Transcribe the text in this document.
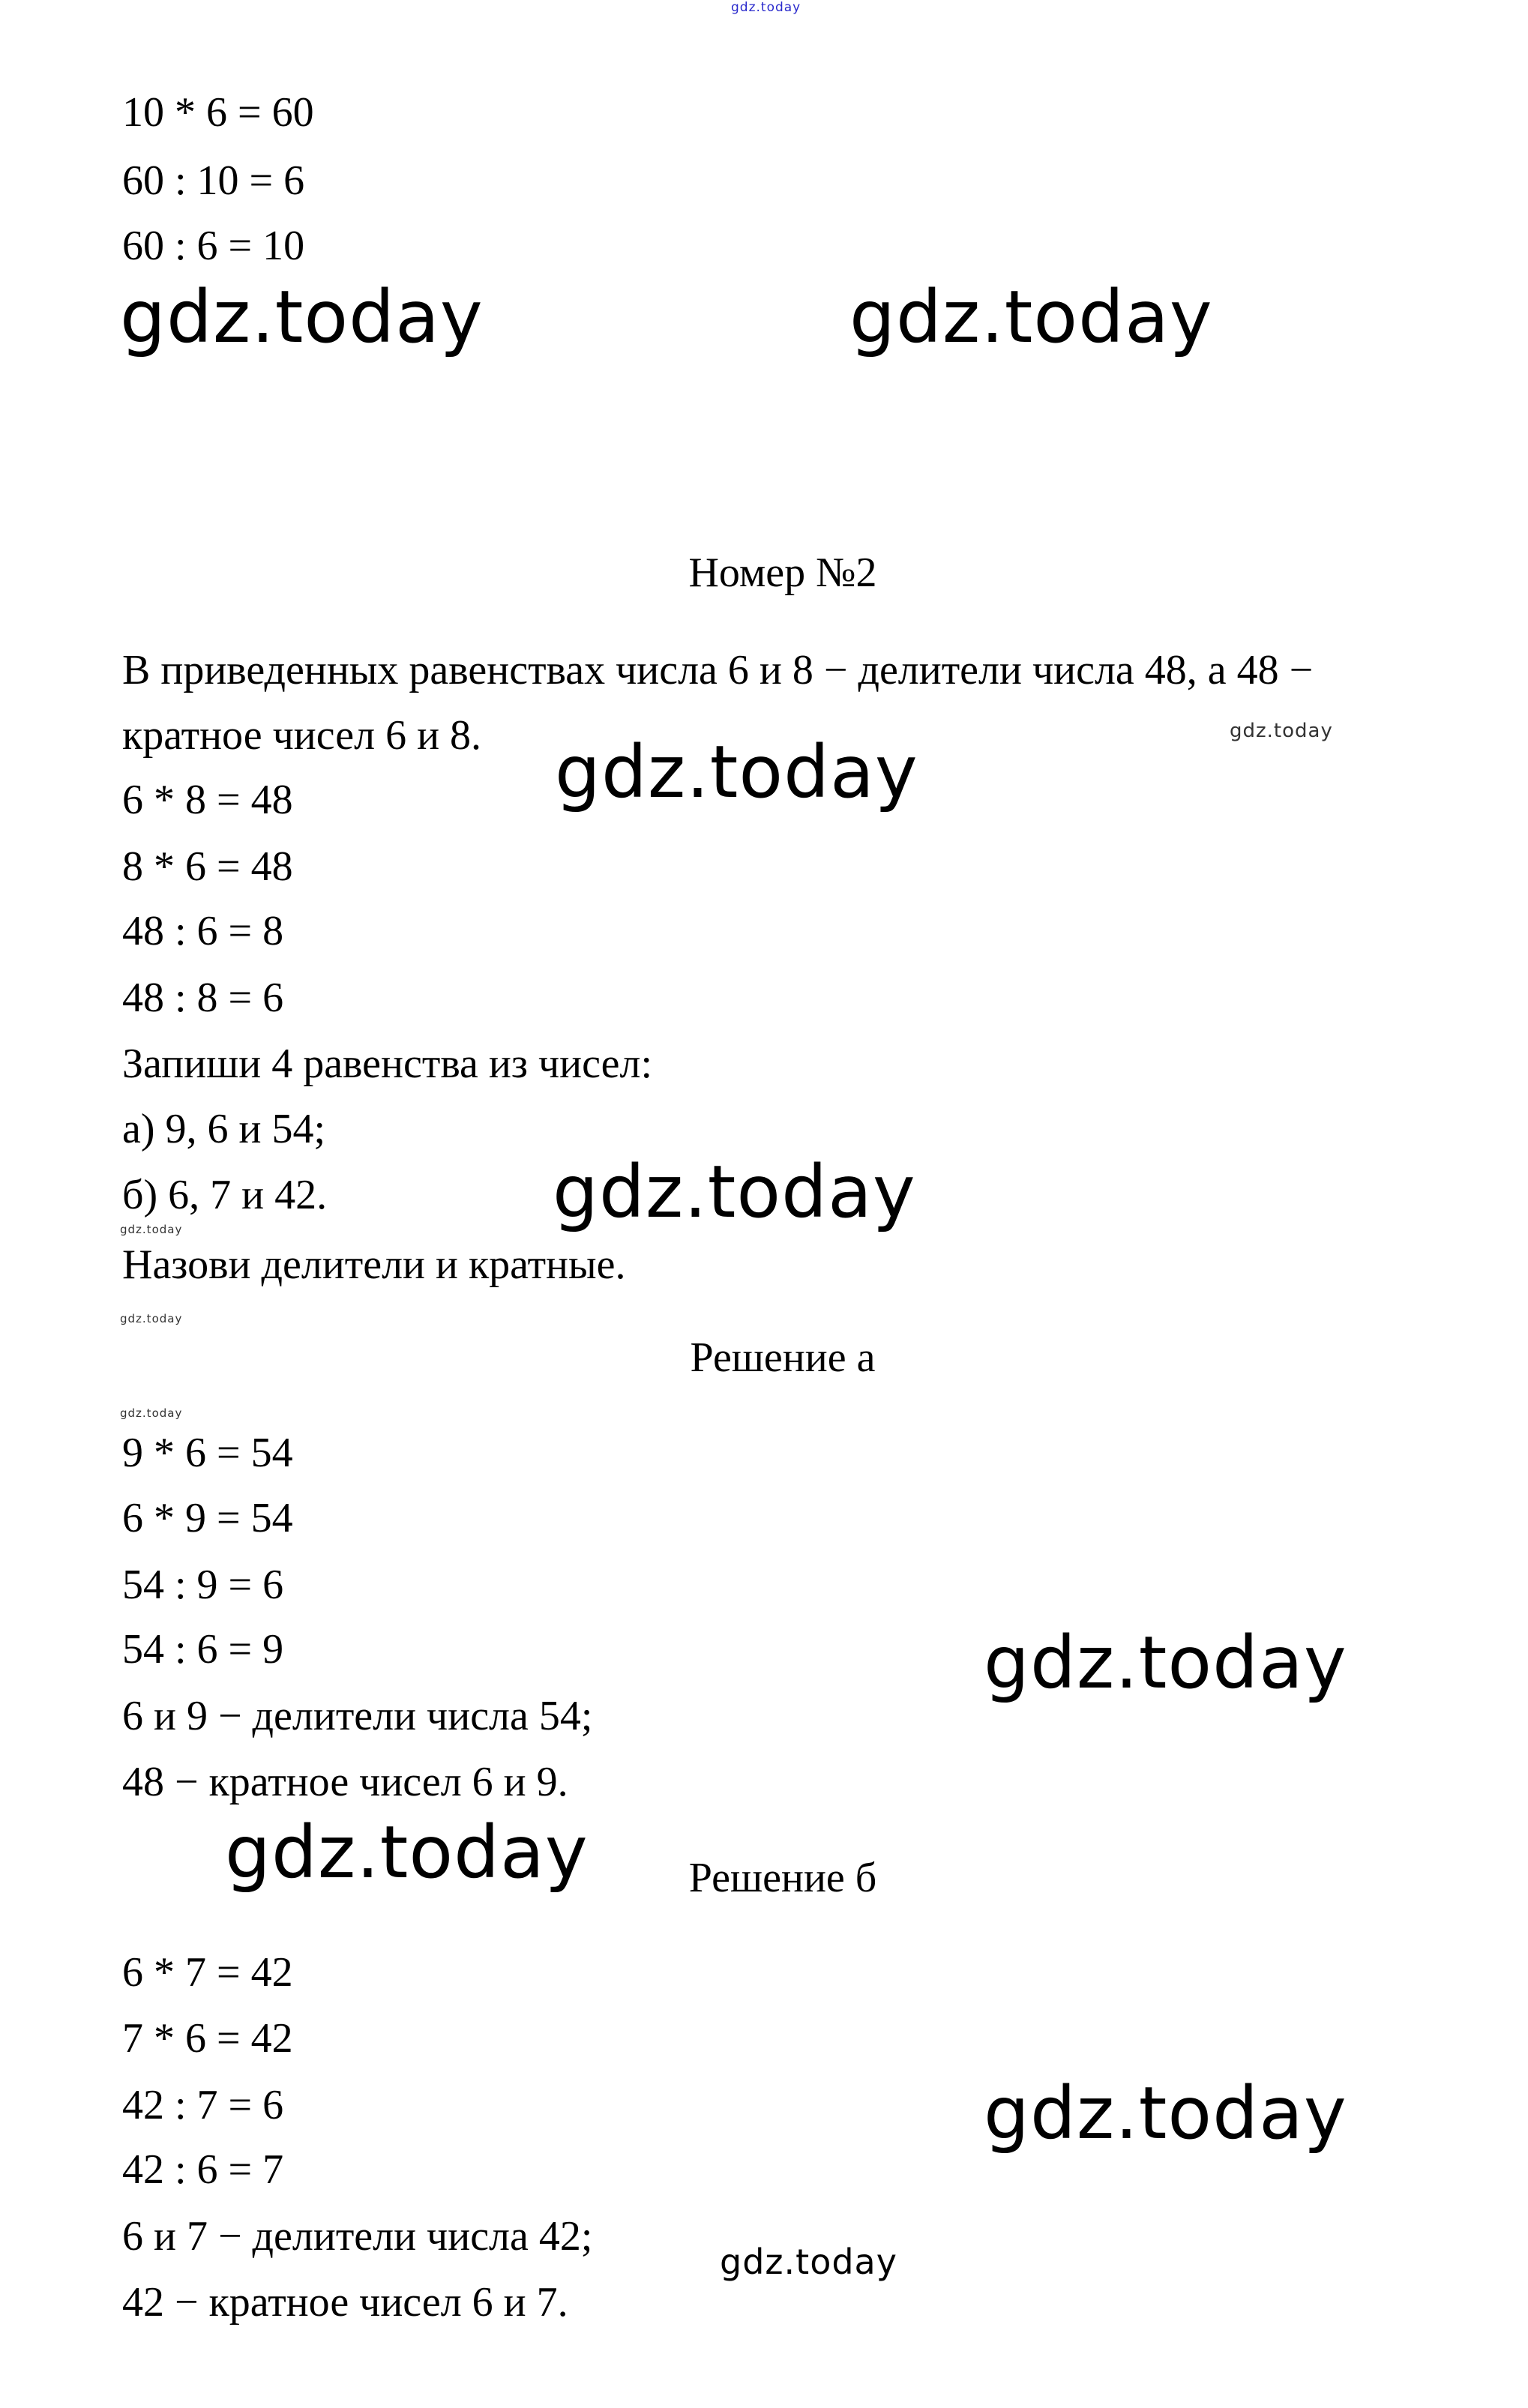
gdz.today
10 * 6 = 60
60 : 10 = 6
60 : 6 = 10
gdz.today	gdz.today
Номер №2
В приведенных равенствах числа 6 и 8 − делители числа 48, а 48 −
кратное чисел 6 и 8.	gdz.today
gdz.today
6 * 8 = 48
8 * 6 = 48
48 : 6 = 8
48 : 8 = 6
Запиши 4 равенства из чисел:
а) 9, 6 и 54;
б) 6, 7 и 42.	gdz.today
gdz.today
Назови делители и кратные.
gdz.today
Решение а
gdz.today
9 * 6 = 54
6 * 9 = 54
54 : 9 = 6
54 : 6 = 9	gdz.today
6 и 9 − делители числа 54;
48 − кратное чисел 6 и 9.
gdz.today	Решение б
6 * 7 = 42
7 * 6 = 42
42 : 7 = 6	gdz.today
42 : 6 = 7
6 и 7 − делители числа 42;
42 − кратное чисел 6 и 7.
gdz.today
